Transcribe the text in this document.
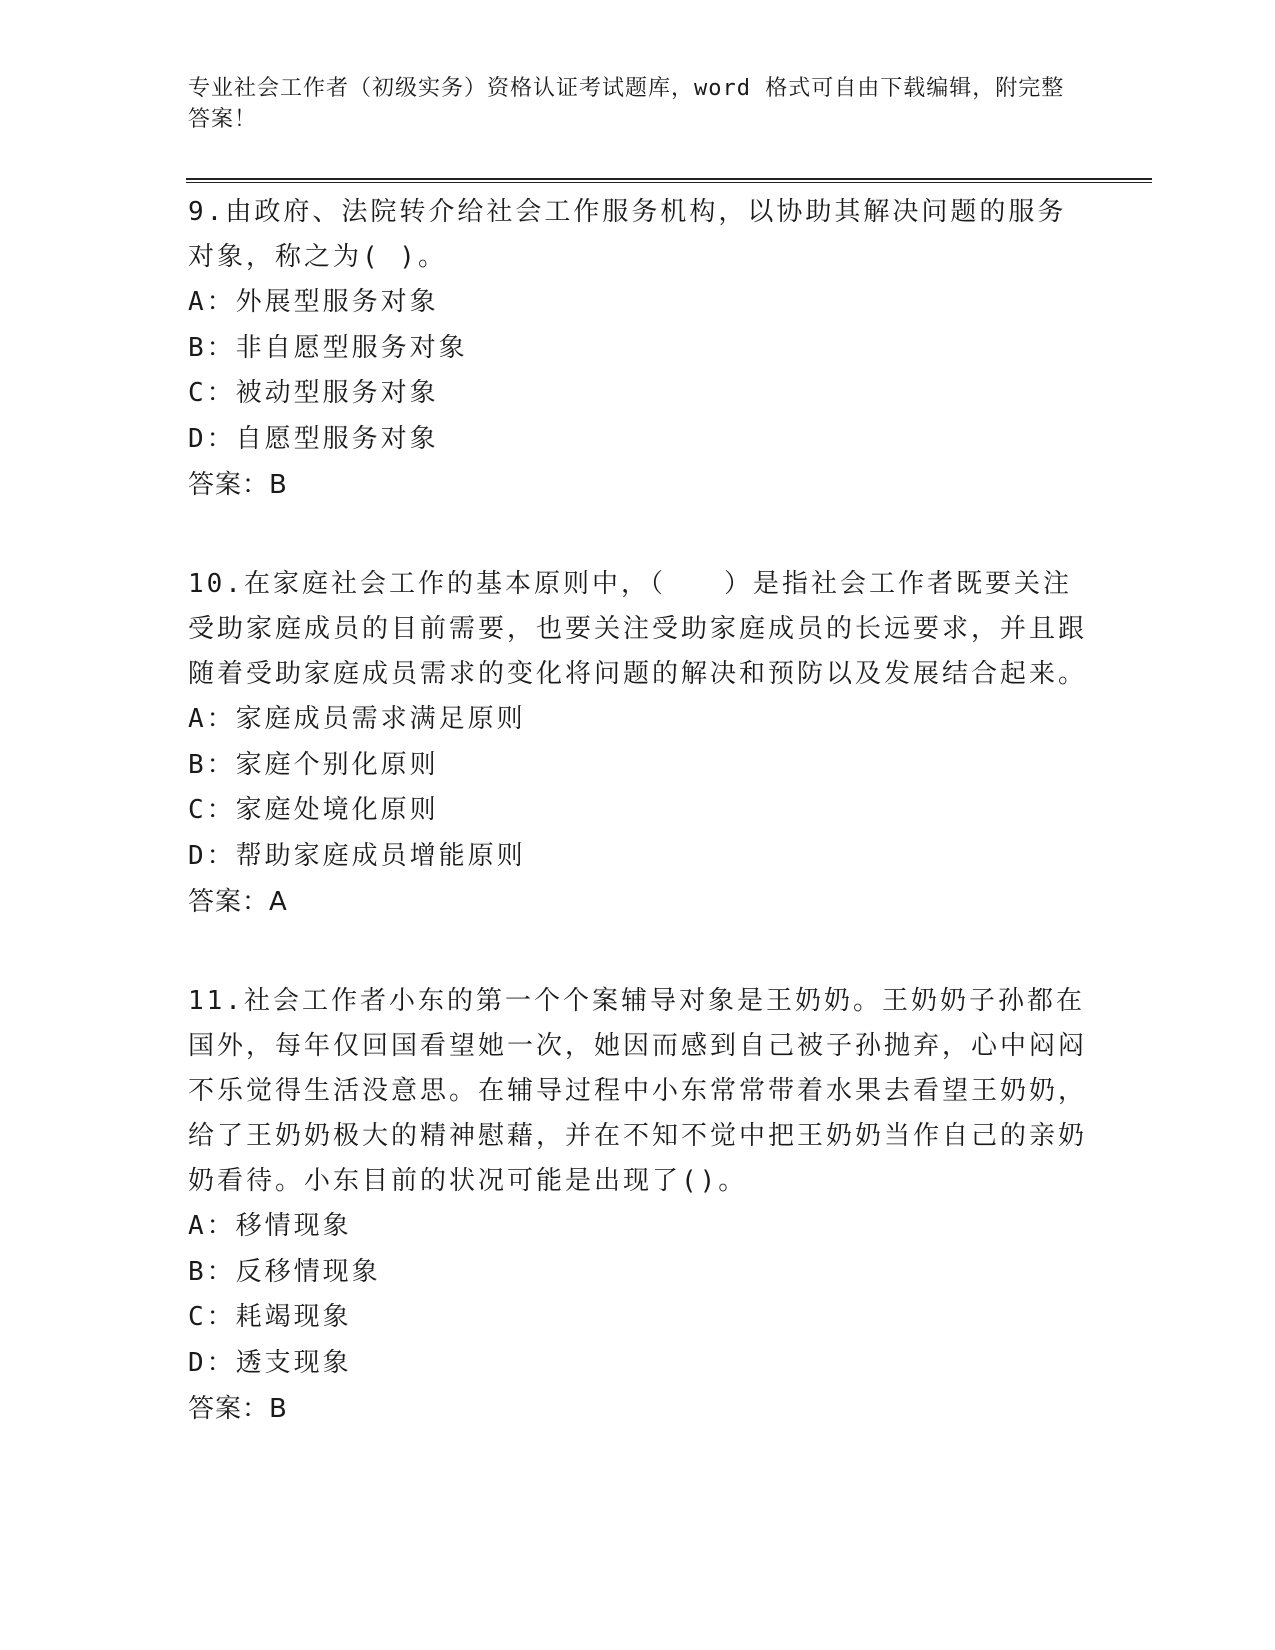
专业社会工作者（初级实务）资格认证考试题库，word 格式可自由下载编辑，附完整答案！

9.由政府、法院转介给社会工作服务机构，以协助其解决问题的服务对象，称之为( )。

A：外展型服务对象

B：非自愿型服务对象

C：被动型服务对象

D：自愿型服务对象

答案：B

10.在家庭社会工作的基本原则中，（　　）是指社会工作者既要关注受助家庭成员的目前需要，也要关注受助家庭成员的长远要求，并且跟随着受助家庭成员需求的变化将问题的解决和预防以及发展结合起来。

A：家庭成员需求满足原则

B：家庭个别化原则

C：家庭处境化原则

D：帮助家庭成员增能原则

答案：A

11.社会工作者小东的第一个个案辅导对象是王奶奶。王奶奶子孙都在国外，每年仅回国看望她一次，她因而感到自己被子孙抛弃，心中闷闷不乐觉得生活没意思。在辅导过程中小东常常带着水果去看望王奶奶，给了王奶奶极大的精神慰藉，并在不知不觉中把王奶奶当作自己的亲奶奶看待。小东目前的状况可能是出现了()。

A：移情现象

B：反移情现象

C：耗竭现象

D：透支现象

答案：B
